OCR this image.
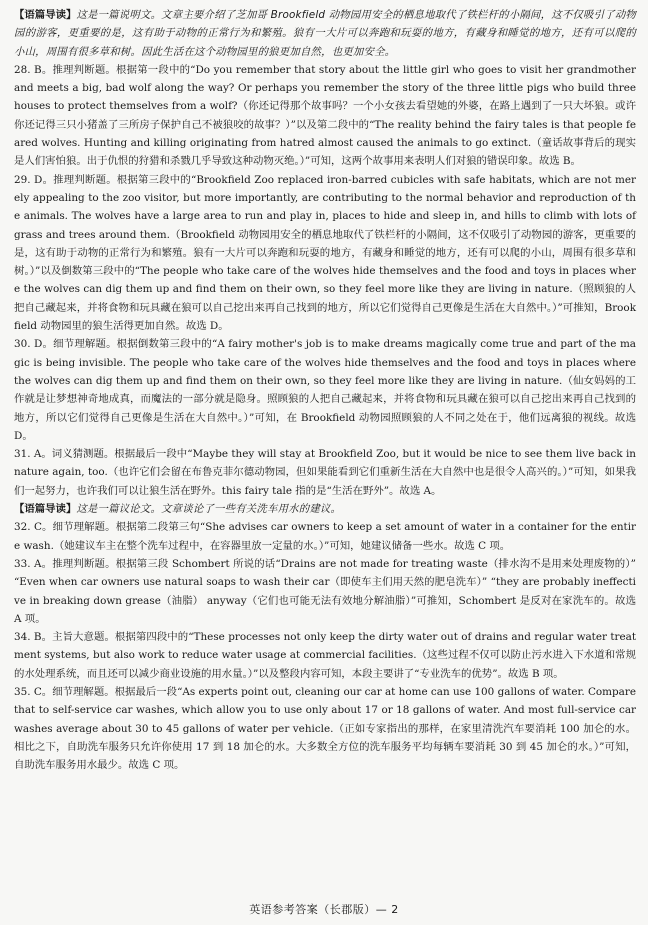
【语篇导读】这是一篇说明文。文章主要介绍了芝加哥 Brookfield 动物园用安全的栖息地取代了铁栏杆的小隔间，这不仅吸引了动物园的游客，更重要的是，这有助于动物的正常行为和繁殖。狼有一大片可以奔跑和玩耍的地方，有藏身和睡觉的地方，还有可以爬的小山，周围有很多草和树。因此生活在这个动物园里的狼更加自然，也更加安全。

28. B。推理判断题。根据第一段中的“Do you remember that story about the little girl who goes to visit her grandmother and meets a big, bad wolf along the way? Or perhaps you remember the story of the three little pigs who build three houses to protect themselves from a wolf?（你还记得那个故事吗？一个小女孩去看望她的外婆，在路上遇到了一只大坏狼。或许你还记得三只小猪盖了三所房子保护自己不被狼咬的故事？）”以及第二段中的“The reality behind the fairy tales is that people feared wolves. Hunting and killing originating from hatred almost caused the animals to go extinct.（童话故事背后的现实是人们害怕狼。出于仇恨的狩猎和杀戮几乎导致这种动物灭绝。）”可知，这两个故事用来表明人们对狼的错误印象。故选 B。

29. D。推理判断题。根据第三段中的“Brookfield Zoo replaced iron-barred cubicles with safe habitats, which are not merely appealing to the zoo visitor, but more importantly, are contributing to the normal behavior and reproduction of the animals. The wolves have a large area to run and play in, places to hide and sleep in, and hills to climb with lots of grass and trees around them.（Brookfield 动物园用安全的栖息地取代了铁栏杆的小隔间，这不仅吸引了动物园的游客，更重要的是，这有助于动物的正常行为和繁殖。狼有一大片可以奔跑和玩耍的地方，有藏身和睡觉的地方，还有可以爬的小山，周围有很多草和树。）”以及倒数第三段中的“The people who take care of the wolves hide themselves and the food and toys in places where the wolves can dig them up and find them on their own, so they feel more like they are living in nature.（照顾狼的人把自己藏起来，并将食物和玩具藏在狼可以自己挖出来再自己找到的地方，所以它们觉得自己更像是生活在大自然中。）”可推知，Brookfield 动物园里的狼生活得更加自然。故选 D。

30. D。细节理解题。根据倒数第三段中的“A fairy mother's job is to make dreams magically come true and part of the magic is being invisible. The people who take care of the wolves hide themselves and the food and toys in places where the wolves can dig them up and find them on their own, so they feel more like they are living in nature.（仙女妈妈的工作就是让梦想神奇地成真，而魔法的一部分就是隐身。照顾狼的人把自己藏起来，并将食物和玩具藏在狼可以自己挖出来再自己找到的地方，所以它们觉得自己更像是生活在大自然中。）”可知，在 Brookfield 动物园照顾狼的人不同之处在于，他们远离狼的视线。故选 D。

31. A。词义猜测题。根据最后一段中“Maybe they will stay at Brookfield Zoo, but it would be nice to see them live back in nature again, too.（也许它们会留在布鲁克菲尔德动物园，但如果能看到它们重新生活在大自然中也是很令人高兴的。）”可知，如果我们一起努力，也许我们可以让狼生活在野外。this fairy tale 指的是“生活在野外”。故选 A。

【语篇导读】这是一篇议论文。文章谈论了一些有关洗车用水的建议。

32. C。细节理解题。根据第二段第三句“She advises car owners to keep a set amount of water in a container for the entire wash.（她建议车主在整个洗车过程中，在容器里放一定量的水。）”可知，她建议储备一些水。故选 C 项。

33. A。推理判断题。根据第三段 Schombert 所说的话“Drains are not made for treating waste（排水沟不是用来处理废物的）” “Even when car owners use natural soaps to wash their car（即使车主们用天然的肥皂洗车）” “they are probably ineffective in breaking down grease（油脂） anyway（它们也可能无法有效地分解油脂）”可推知，Schombert 是反对在家洗车的。故选 A 项。

34. B。主旨大意题。根据第四段中的“These processes not only keep the dirty water out of drains and regular water treatment systems, but also work to reduce water usage at commercial facilities.（这些过程不仅可以防止污水进入下水道和常规的水处理系统，而且还可以减少商业设施的用水量。）”以及整段内容可知，本段主要讲了“专业洗车的优势”。故选 B 项。

35. C。细节理解题。根据最后一段“As experts point out, cleaning our car at home can use 100 gallons of water. Compare that to self-service car washes, which allow you to use only about 17 or 18 gallons of water. And most full-service car washes average about 30 to 45 gallons of water per vehicle.（正如专家指出的那样，在家里清洗汽车要消耗 100 加仑的水。相比之下，自助洗车服务只允许你使用 17 到 18 加仑的水。大多数全方位的洗车服务平均每辆车要消耗 30 到 45 加仑的水。）”可知，自助洗车服务用水最少。故选 C 项。

英语参考答案（长郡版）— 2
